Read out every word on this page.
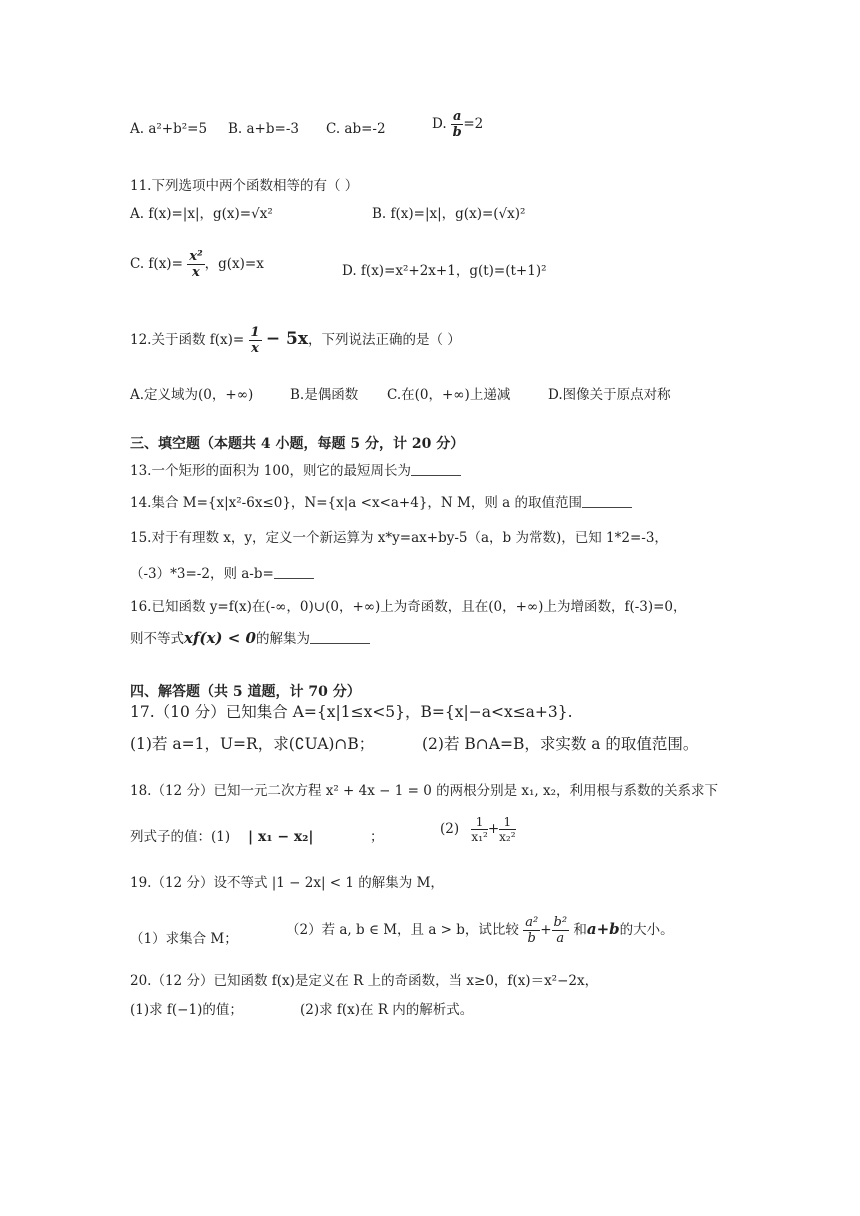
A. a²+b²=5 B. a+b=-3 C. ab=-2	D. $\frac{a}{b} =2$
11.下列选项中两个函数相等的有（ ）
A. f(x)=|x|，g(x)=√x²	B. f(x)=|x|，g(x)=(√x)²
C. $f(x)= \frac{\text{x²}}{x}$ ，g(x)=x	D. f(x)=x²+2x+1，g(t)=(t+1)²
12.关于函数 $f(x)= \frac{1}{x} - 5x$，下列说法正确的是（ ）
A.定义域为(0，+∞)	B.是偶函数 C.在(0，+∞)上递减	D.图像关于原点对称
三、填空题（本题共 4 小题，每题 5 分，计 20 分）
13.一个矩形的面积为 100，则它的最短周长为
14.集合 M={x|x²-6x≤0}，N={x|a <x<a+4}，N M，则 a 的取值范围
15.对于有理数 x，y，定义一个新运算为 x*y=ax+by-5（a，b 为常数)，已知 1*2=-3，
（-3）*3=-2，则 a-b=
16.已知函数 y=f(x)在(-∞，0)∪(0，+∞)上为奇函数，且在(0，+∞)上为增函数，f(-3)=0，
则不等式xf(x) < 0的解集为
四、解答题（共 5 道题，计 70 分）
17.（10 分）已知集合 A={x|1≤x<5}，B={x|−a<x≤a+3}.
(1)若 a=1，U=R，求(∁UA)∩B；	(2)若 B∩A=B，求实数 a 的取值范围。
18.（12 分）已知一元二次方程 x² + 4x − 1 = 0 的两根分别是 x₁, x₂，利用根与系数的关系求下
列式子的值：(1) | x₁ − x₂|	；	$(2) \frac{1}{\text{x₁²}} + \frac{1}{\text{x₂²}}$
19.（12 分）设不等式 |1 − 2x| < 1 的解集为 M，
（1）求集合 M；
（2）若 a, b ∈ M，且 a > b，试比较 $\frac{\text{a²}}{b} + \frac{\text{b²}}{a}$ 和a+b的大小。
20.（12 分）已知函数 f(x)是定义在 R 上的奇函数，当 x≥0，f(x)＝x²−2x，
(1)求 f(−1)的值；	(2)求 f(x)在 R 内的解析式。
